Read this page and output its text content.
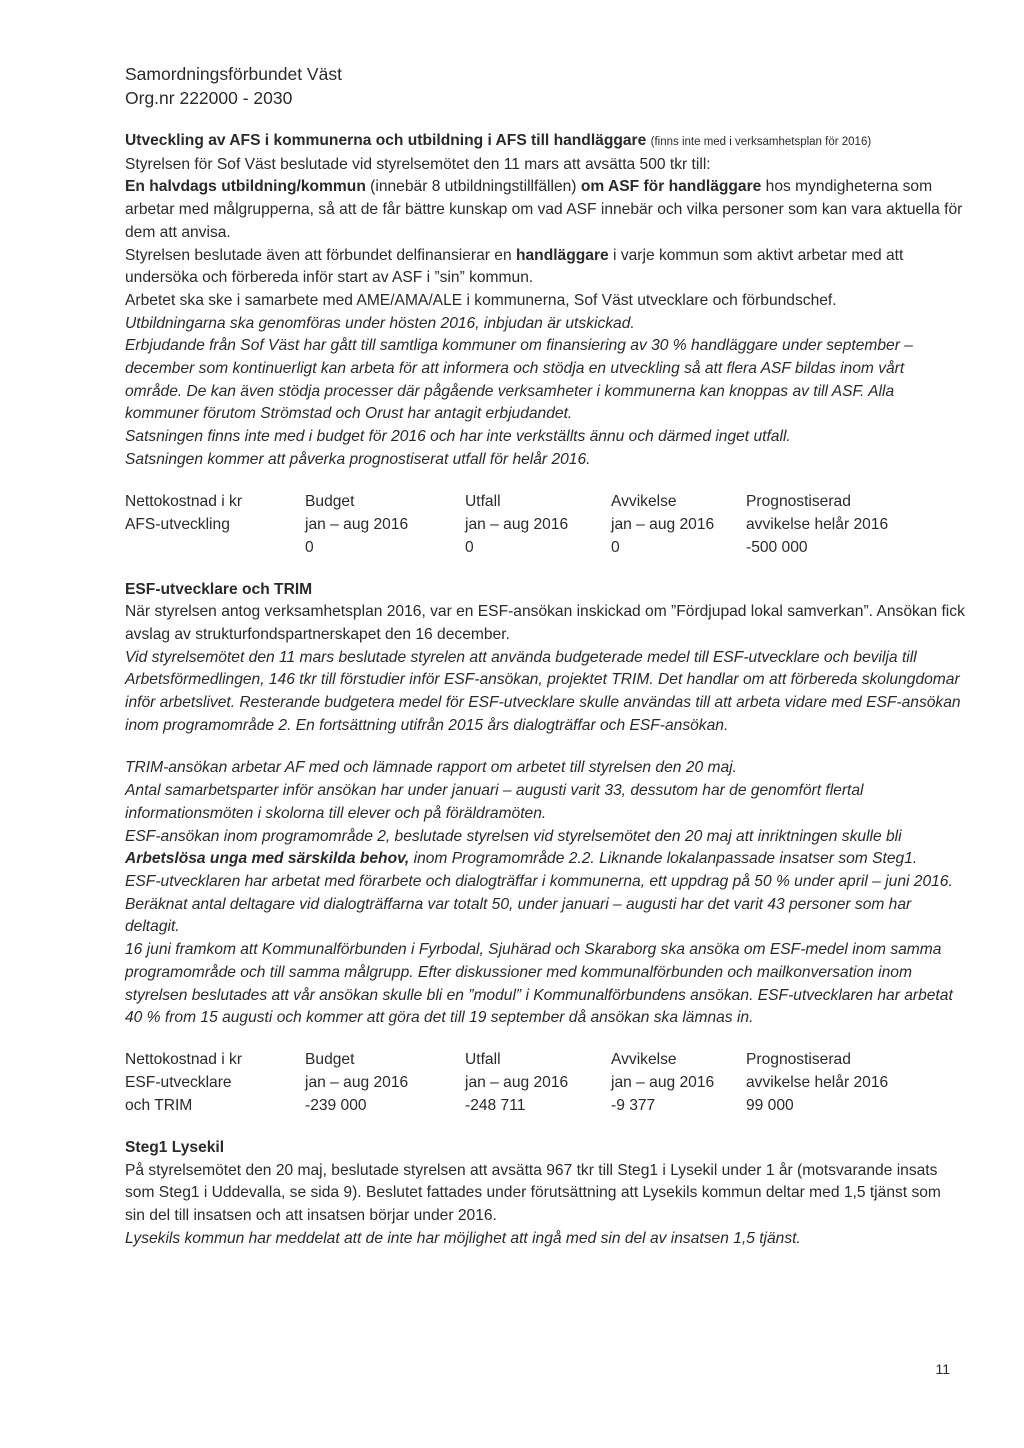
Samordningsförbundet Väst
Org.nr 222000 - 2030

Utveckling av AFS i kommunerna och utbildning i AFS till handläggare (finns inte med i verksamhetsplan för 2016)

Styrelsen för Sof Väst beslutade vid styrelsemötet den 11 mars att avsätta 500 tkr till:

En halvdags utbildning/kommun (innebär 8 utbildningstillfällen) om ASF för handläggare hos myndigheterna som arbetar med målgrupperna, så att de får bättre kunskap om vad ASF innebär och vilka personer som kan vara aktuella för dem att anvisa.

Styrelsen beslutade även att förbundet delfinansierar en handläggare i varje kommun som aktivt arbetar med att undersöka och förbereda inför start av ASF i ”sin” kommun.

Arbetet ska ske i samarbete med AME/AMA/ALE i kommunerna, Sof Väst utvecklare och förbundschef.

Utbildningarna ska genomföras under hösten 2016, inbjudan är utskickad.

Erbjudande från Sof Väst har gått till samtliga kommuner om finansiering av 30 % handläggare under september – december som kontinuerligt kan arbeta för att informera och stödja en utveckling så att flera ASF bildas inom vårt område. De kan även stödja processer där pågående verksamheter i kommunerna kan knoppas av till ASF. Alla kommuner förutom Strömstad och Orust har antagit erbjudandet.

Satsningen finns inte med i budget för 2016 och har inte verkställts ännu och därmed inget utfall.

Satsningen kommer att påverka prognostiserat utfall för helår 2016.

Nettokostnad i kr	Budget	Utfall	Avvikelse	Prognostiserad
AFS-utveckling	jan – aug 2016	jan – aug 2016	jan – aug 2016	avvikelse helår 2016
	0	0	0	-500 000

ESF-utvecklare och TRIM

När styrelsen antog verksamhetsplan 2016, var en ESF-ansökan inskickad om ”Fördjupad lokal samverkan”. Ansökan fick avslag av strukturfondspartnerskapet den 16 december.

Vid styrelsemötet den 11 mars beslutade styrelen att använda budgeterade medel till ESF-utvecklare och bevilja till Arbetsförmedlingen, 146 tkr till förstudier inför ESF-ansökan, projektet TRIM. Det handlar om att förbereda skolungdomar inför arbetslivet. Resterande budgetera medel för ESF-utvecklare skulle användas till att arbeta vidare med ESF-ansökan inom programområde 2. En fortsättning utifrån 2015 års dialogträffar och ESF-ansökan.

TRIM-ansökan arbetar AF med och lämnade rapport om arbetet till styrelsen den 20 maj.

Antal samarbetsparter inför ansökan har under januari – augusti varit 33, dessutom har de genomfört flertal informationsmöten i skolorna till elever och på föräldramöten.

ESF-ansökan inom programområde 2, beslutade styrelsen vid styrelsemötet den 20 maj att inriktningen skulle bli Arbetslösa unga med särskilda behov, inom Programområde 2.2. Liknande lokalanpassade insatser som Steg1.

ESF-utvecklaren har arbetat med förarbete och dialogträffar i kommunerna, ett uppdrag på 50 % under april – juni 2016. Beräknat antal deltagare vid dialogträffarna var totalt 50, under januari – augusti har det varit 43 personer som har deltagit.

16 juni framkom att Kommunalförbunden i Fyrbodal, Sjuhärad och Skaraborg ska ansöka om ESF-medel inom samma programområde och till samma målgrupp. Efter diskussioner med kommunalförbunden och mailkonversation inom styrelsen beslutades att vår ansökan skulle bli en ”modul” i Kommunalförbundens ansökan. ESF-utvecklaren har arbetat 40 % from 15 augusti och kommer att göra det till 19 september då ansökan ska lämnas in.

Nettokostnad i kr	Budget	Utfall	Avvikelse	Prognostiserad
ESF-utvecklare	jan – aug 2016	jan – aug 2016	jan – aug 2016	avvikelse helår 2016
och TRIM	-239 000	-248 711	-9 377	99 000

Steg1 Lysekil

På styrelsemötet den 20 maj, beslutade styrelsen att avsätta 967 tkr till Steg1 i Lysekil under 1 år (motsvarande insats som Steg1 i Uddevalla, se sida 9). Beslutet fattades under förutsättning att Lysekils kommun deltar med 1,5 tjänst som sin del till insatsen och att insatsen börjar under 2016.

Lysekils kommun har meddelat att de inte har möjlighet att ingå med sin del av insatsen 1,5 tjänst.

11
